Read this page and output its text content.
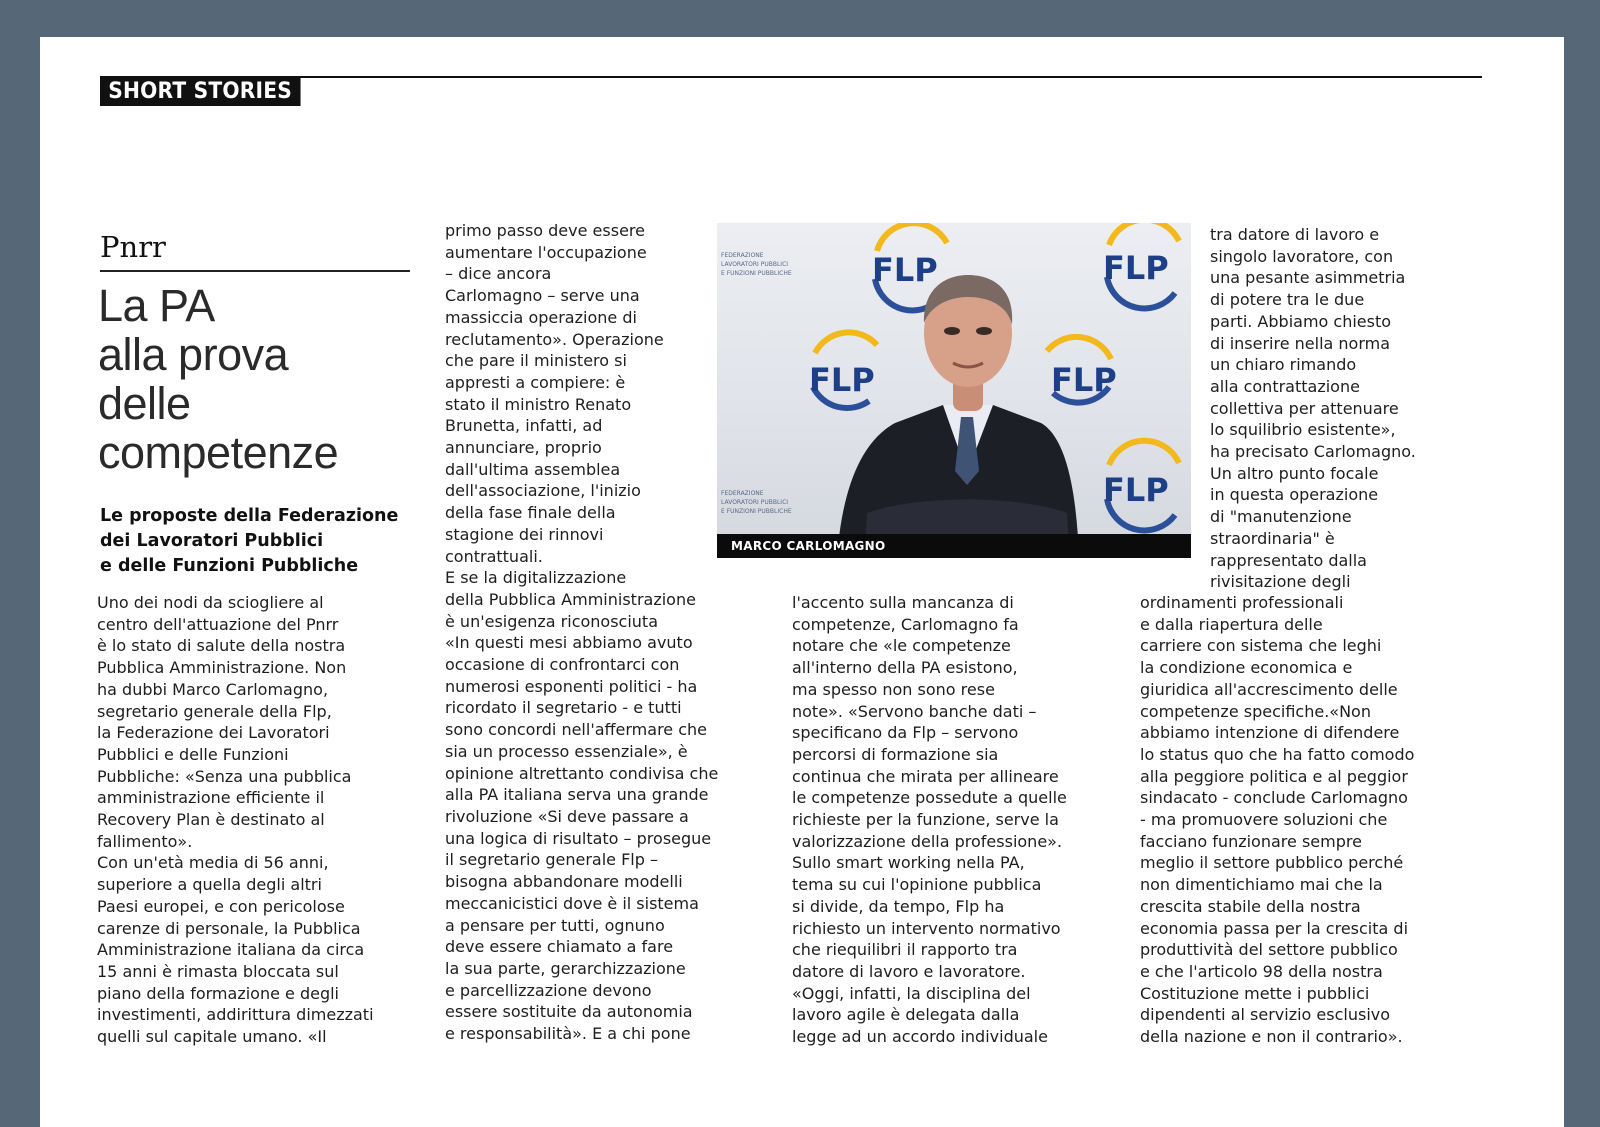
SHORT STORIES
Pnrr
La PA
alla prova
delle
competenze
Le proposte della Federazione
dei Lavoratori Pubblici
e delle Funzioni Pubbliche
Uno dei nodi da sciogliere al
centro dell'attuazione del Pnrr
è lo stato di salute della nostra
Pubblica Amministrazione. Non
ha dubbi Marco Carlomagno,
segretario generale della Flp,
la Federazione dei Lavoratori
Pubblici e delle Funzioni
Pubbliche: «Senza una pubblica
amministrazione efficiente il
Recovery Plan è destinato al
fallimento».
Con un'età media di 56 anni,
superiore a quella degli altri
Paesi europei, e con pericolose
carenze di personale, la Pubblica
Amministrazione italiana da circa
15 anni è rimasta bloccata sul
piano della formazione e degli
investimenti, addirittura dimezzati
quelli sul capitale umano. «Il
primo passo deve essere
aumentare l'occupazione
– dice ancora
Carlomagno – serve una
massiccia operazione di
reclutamento». Operazione
che pare il ministero si
appresti a compiere: è
stato il ministro Renato
Brunetta, infatti, ad
annunciare, proprio
dall'ultima assemblea
dell'associazione, l'inizio
della fase finale della
stagione dei rinnovi
contrattuali.
E se la digitalizzazione
della Pubblica Amministrazione
è un'esigenza riconosciuta
«In questi mesi abbiamo avuto
occasione di confrontarci con
numerosi esponenti politici - ha
ricordato il segretario - e tutti
sono concordi nell'affermare che
sia un processo essenziale», è
opinione altrettanto condivisa che
alla PA italiana serva una grande
rivoluzione «Si deve passare a
una logica di risultato – prosegue
il segretario generale Flp –
bisogna abbandonare modelli
meccanicistici dove è il sistema
a pensare per tutti, ognuno
deve essere chiamato a fare
la sua parte, gerarchizzazione
e parcellizzazione devono
essere sostituite da autonomia
e responsabilità». E a chi pone
l'accento sulla mancanza di
competenze, Carlomagno fa
notare che «le competenze
all'interno della PA esistono,
ma spesso non sono rese
note». «Servono banche dati –
specificano da Flp – servono
percorsi di formazione sia
continua che mirata per allineare
le competenze possedute a quelle
richieste per la funzione, serve la
valorizzazione della professione».
Sullo smart working nella PA,
tema su cui l'opinione pubblica
si divide, da tempo, Flp ha
richiesto un intervento normativo
che riequilibri il rapporto tra
datore di lavoro e lavoratore.
«Oggi, infatti, la disciplina del
lavoro agile è delegata dalla
legge ad un accordo individuale
tra datore di lavoro e
singolo lavoratore, con
una pesante asimmetria
di potere tra le due
parti. Abbiamo chiesto
di inserire nella norma
un chiaro rimando
alla contrattazione
collettiva per attenuare
lo squilibrio esistente»,
ha precisato Carlomagno.
Un altro punto focale
in questa operazione
di "manutenzione
straordinaria" è
rappresentato dalla
rivisitazione degli
ordinamenti professionali
e dalla riapertura delle
carriere con sistema che leghi
la condizione economica e
giuridica all'accrescimento delle
competenze specifiche.«Non
abbiamo intenzione di difendere
lo status quo che ha fatto comodo
alla peggiore politica e al peggior
sindacato - conclude Carlomagno
- ma promuovere soluzioni che
facciano funzionare sempre
meglio il settore pubblico perché
non dimentichiamo mai che la
crescita stabile della nostra
economia passa per la crescita di
produttività del settore pubblico
e che l'articolo 98 della nostra
Costituzione mette i pubblici
dipendenti al servizio esclusivo
della nazione e non il contrario».
FLP	FLP
FLP	FLP
FLP
FEDERAZIONE
LAVORATORI PUBBLICI
E FUNZIONI PUBBLICHE
FEDERAZIONE
LAVORATORI PUBBLICI
E FUNZIONI PUBBLICHE
MARCO CARLOMAGNO
